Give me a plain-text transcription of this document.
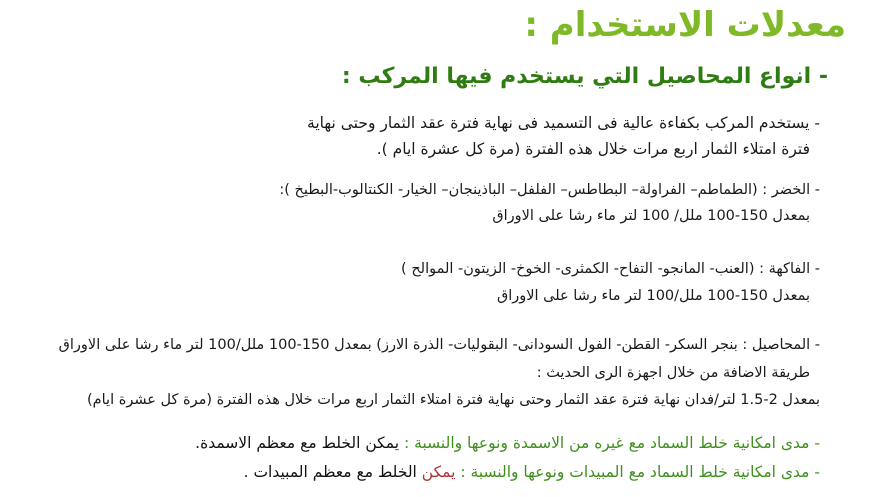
معدلات الاستخدام :
- انواع المحاصيل التي يستخدم فيها المركب :
- يستخدم المركب بكفاءة عالية فى التسميد فى نهاية فترة عقد الثمار وحتى نهاية
فترة امتلاء الثمار اربع مرات خلال هذه الفترة (مرة كل عشرة ايام ).
- الخضر : (الطماطم– الفراولة– البطاطس– الفلفل– الباذينجان– الخيار- الكنتالوب-البطيخ ):
بمعدل 150-100 ملل/ 100 لتر ماء رشا على الاوراق
- الفاكهة : (العنب- المانجو- التفاح- الكمثرى- الخوخ- الزيتون- الموالح )
بمعدل 150-100 ملل/100 لتر ماء رشا على الاوراق
- المحاصيل : بنجر السكر- القطن- الفول السودانى- البقوليات- الذرة الارز) بمعدل 150-100 ملل/100 لتر ماء رشا على الاوراق
طريقة الاضافة من خلال اجهزة الرى الحديث :
بمعدل 2-1.5 لتر/فدان نهاية فترة عقد الثمار وحتى نهاية فترة امتلاء الثمار اربع مرات خلال هذه الفترة (مرة كل عشرة ايام)
- مدى امكانية خلط السماد مع غيره من الاسمدة ونوعها والنسبة : يمكن الخلط مع معظم الاسمدة.
- مدى امكانية خلط السماد مع المبيدات ونوعها والنسبة : يمكن الخلط مع معظم المبيدات .
